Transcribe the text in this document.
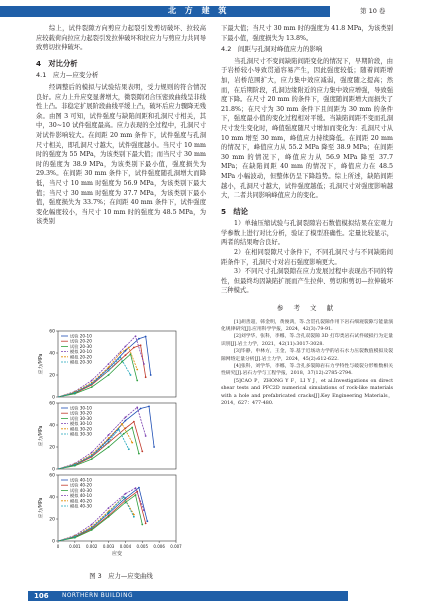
北 方 建 筑	第 10 卷

综上，试件裂隙方向剪应力起裂引发剪切破坏、拉较高应较载荷向拉应力起裂引发拉伸破坏和拉应力与剪应力共同导致剪切拉伸破坏。

4　对比分析
4.1　应力—应变分析

经调整后的模拟与试验结果表明，受力规则的符合情况良好。应力上升应变显著增大，微裂隙闭合压密致曲线呈非线性上凸。非稳定扩展阶段曲线平缓上凸，破坏后应力骤降无残余。由图 3 可知，试件强度与缺陷间距和孔洞尺寸相关，其中，30~10 试件强度最高。应力表现的全过程中，孔洞尺寸对试件影响较大。在间距 20 mm 条件下，试件强度与孔洞尺寸相关，即孔洞尺寸越大，试件强度越小。当尺寸 10 mm 时的强度为 55 MPa，为该类别下最大值；而当尺寸 30 mm 时的强度为 38.9 MPa，为该类别下最小值，强度损失为 29.3%。在间距 30 mm 条件下，试件强度随孔洞增大而降低，当尺寸 10 mm 时强度为 56.9 MPa，为该类别下最大值；当尺寸 30 mm 时强度为 37.7 MPa，为该类别下最小值，强度损失为 33.7%；在间距 40 mm 条件下，试件强度变化幅度较小，当尺寸 10 mm 时的强度为 48.5 MPa，为该类别

0
20
40
60
应力/MPa
试验 20-10
试验 20-20
试验 20-30
模拟 20-10
模拟 20-20
模拟 20-30
0
20
40
60
应力/MPa
试验 30-10
试验 30-20
试验 30-30
模拟 30-10
模拟 30-20
模拟 30-30
0
20
40
60
应力/MPa
试验 40-10
试验 40-20
试验 40-30
模拟 40-10
模拟 40-20
模拟 40-30
0 0.001 0.002 0.003 0.004 0.005 0.006 0.007
应变
图 3　应力—应变曲线

下最大值；当尺寸 30 mm 时的强度为 41.8 MPa，为该类别下最小值，强度损失为 13.8%。

4.2　间距与孔洞对峰值应力的影响

当孔洞尺寸不变间缺陷间距变化的情况下，早期阶段，由于岩桥较小导致贯通容易产生，因此强度较低；随着间距增加，岩桥范围扩大，应力集中效应减弱，强度随之提高；然而，在后期阶段，孔洞边缘附近的应力集中效应增强，导致强度下降。在尺寸 20 mm 的条件下，强度随间距增大而损失了 21.8%；在尺寸为 30 mm 条件下且间距为 30 mm 的条件下，强度最小值的变化过程相对平缓。当缺陷间距不变而孔洞尺寸发生变化时，峰值强度随尺寸增加而变化为：孔洞尺寸从 10 mm 增至 30 mm，峰值应力持续降低。在间距 20 mm 的情况下，峰值应力从 55.2 MPa 降至 38.9 MPa；在间距 30 mm 的情况下，峰值应力从 56.9 MPa 降至 37.7 MPa；在缺陷间距 40 mm 的情况下，峰值应力在 48.5 MPa 小幅波动，但整体仍呈下降趋势。综上所述，缺陷间距越小，孔洞尺寸越大，试件强度越低；孔洞尺寸对强度影响越大，二者共同影响峰值应力的变化。

5　结论

1）单轴压缩试验与孔洞裂隙岩石数值模拟结果在宏观力学参数上进行对比分析，验证了模型准确性。定量比较显示，两者的结果吻合良好。

2）在相同裂隙尺寸条件下，不同孔洞尺寸与不同缺陷间距条件下，孔洞尺寸对岩石强度影响更大。

3）不同尺寸孔洞裂隙在应力发展过程中表现出不同的特性，但最终均因缺陷扩展而产生拉伸、剪切和剪切—拉伸破坏三种模式。

参 考 文 献

[1]胡善超，韩金明，黄俊鸿，等.含贯孔裂隙作用下岩石细观裂隙与能量演化规律研究[J].应用科学学报，2024，42(3):79-91.

[2]刘学华，张科，李娜，等.含孔双裂隙 3D 打印类岩石试件破损行为定量识别[J].岩土力学，2021，42(11):3017-3028.

[3]毕静，申林方，王金，等.基于近场动力学的岩石水力压裂数值模拟及裂隙网络定量分析[J].岩土力学，2024，45(2):612-622.

[4]张科，刘学华，李娜，等.含孔多裂隙岩石力学特性与破裂分形维数相关性研究[J].岩石力学与工程学报，2018，37(12):2785-2794.

[5]CAO P，ZHONG Y F，LI Y J，et al.Investigations on direct shear tests and PFC2D numerical simulations of rock-like materials with a hole and prefabricated cracks[J].Key Engineering Materials，2014，627：477-480.

106 NORTHERN BUILDING
